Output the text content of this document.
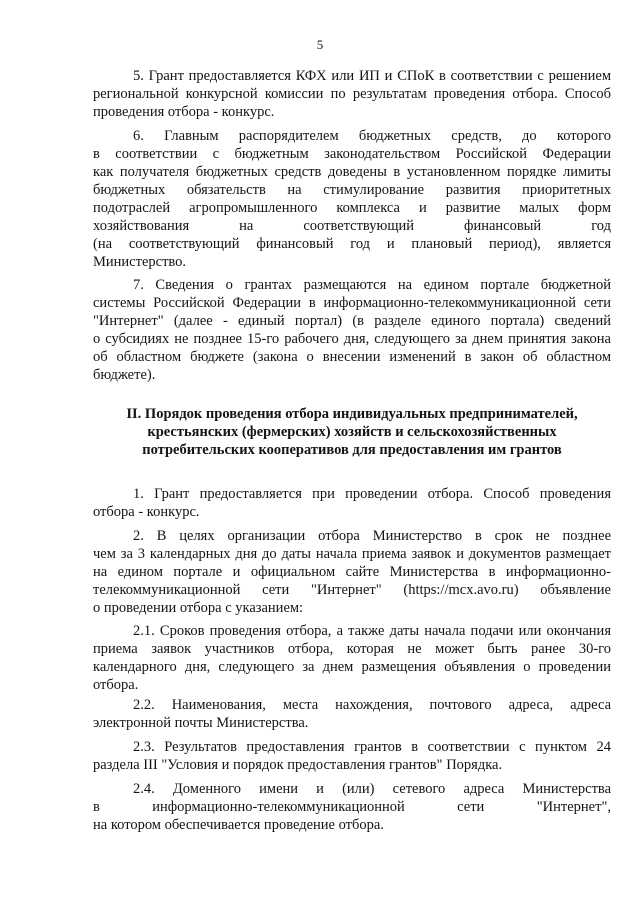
5
5. Грант предоставляется КФХ или ИП и СПоК в соответствии с решением
региональной конкурсной комиссии по результатам проведения отбора. Способ
проведения отбора - конкурс.
6. Главным распорядителем бюджетных средств, до которого
в соответствии с бюджетным законодательством Российской Федерации
как получателя бюджетных средств доведены в установленном порядке лимиты
бюджетных обязательств на стимулирование развития приоритетных
подотраслей агропромышленного комплекса и развитие малых форм
хозяйствования на соответствующий финансовый год
(на соответствующий финансовый год и плановый период), является
Министерство.
7. Сведения о грантах размещаются на едином портале бюджетной
системы Российской Федерации в информационно-телекоммуникационной сети
"Интернет" (далее - единый портал) (в разделе единого портала) сведений
о субсидиях не позднее 15-го рабочего дня, следующего за днем принятия закона
об областном бюджете (закона о внесении изменений в закон об областном
бюджете).
II. Порядок проведения отбора индивидуальных предпринимателей,
крестьянских (фермерских) хозяйств и сельскохозяйственных
потребительских кооперативов для предоставления им грантов
1. Грант предоставляется при проведении отбора. Способ проведения
отбора - конкурс.
2. В целях организации отбора Министерство в срок не позднее
чем за 3 календарных дня до даты начала приема заявок и документов размещает
на едином портале и официальном сайте Министерства в информационно-
телекоммуникационной сети "Интернет" (https://mcx.avo.ru) объявление
о проведении отбора с указанием:
2.1. Сроков проведения отбора, а также даты начала подачи или окончания
приема заявок участников отбора, которая не может быть ранее 30-го
календарного дня, следующего за днем размещения объявления о проведении
отбора.
2.2. Наименования, места нахождения, почтового адреса, адреса
электронной почты Министерства.
2.3. Результатов предоставления грантов в соответствии с пунктом 24
раздела III "Условия и порядок предоставления грантов" Порядка.
2.4. Доменного имени и (или) сетевого адреса Министерства
в информационно-телекоммуникационной сети "Интернет",
на котором обеспечивается проведение отбора.
